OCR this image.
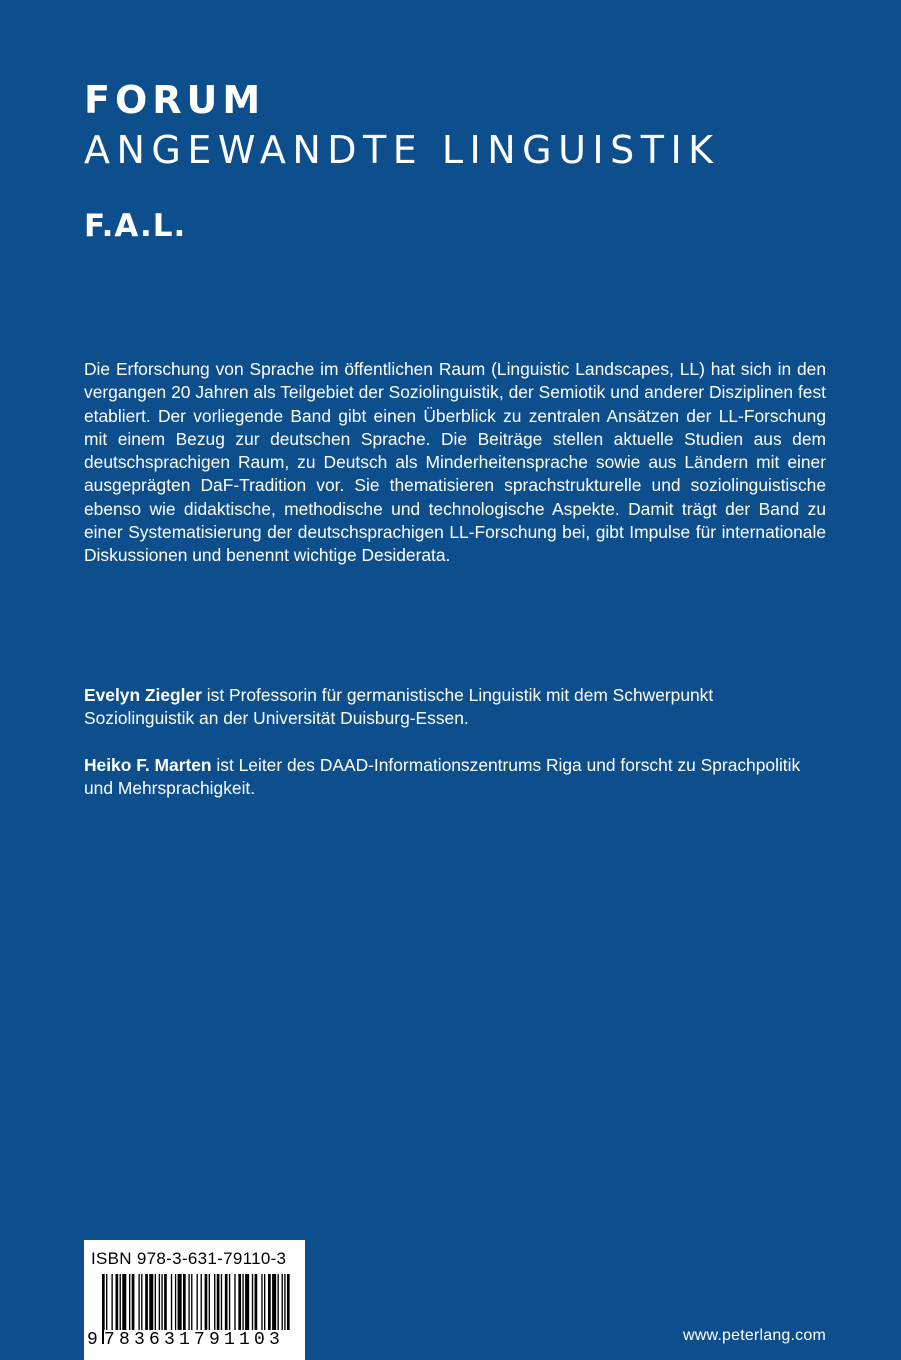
FORUM
ANGEWANDTE LINGUISTIK
F.A.L.

Die Erforschung von Sprache im öffentlichen Raum (Linguistic Landscapes, LL) hat sich in den vergangen 20 Jahren als Teilgebiet der Soziolinguistik, der Semiotik und anderer Disziplinen fest etabliert. Der vorliegende Band gibt einen Überblick zu zentralen Ansätzen der LL-Forschung mit einem Bezug zur deutschen Sprache. Die Beiträge stellen aktuelle Studien aus dem deutschsprachigen Raum, zu Deutsch als Minderheitensprache sowie aus Ländern mit einer ausgeprägten DaF-Tradition vor. Sie thematisieren sprachstrukturelle und soziolinguistische ebenso wie didaktische, methodische und technologische Aspekte. Damit trägt der Band zu einer Systematisierung der deutschsprachigen LL-Forschung bei, gibt Impulse für internationale Diskussionen und benennt wichtige Desiderata.

Evelyn Ziegler ist Professorin für germanistische Linguistik mit dem Schwerpunkt Soziolinguistik an der Universität Duisburg-Essen.

Heiko F. Marten ist Leiter des DAAD-Informationszentrums Riga und forscht zu Sprachpolitik und Mehrsprachigkeit.

ISBN 978-3-631-79110-3
9 783631791103	www.peterlang.com
